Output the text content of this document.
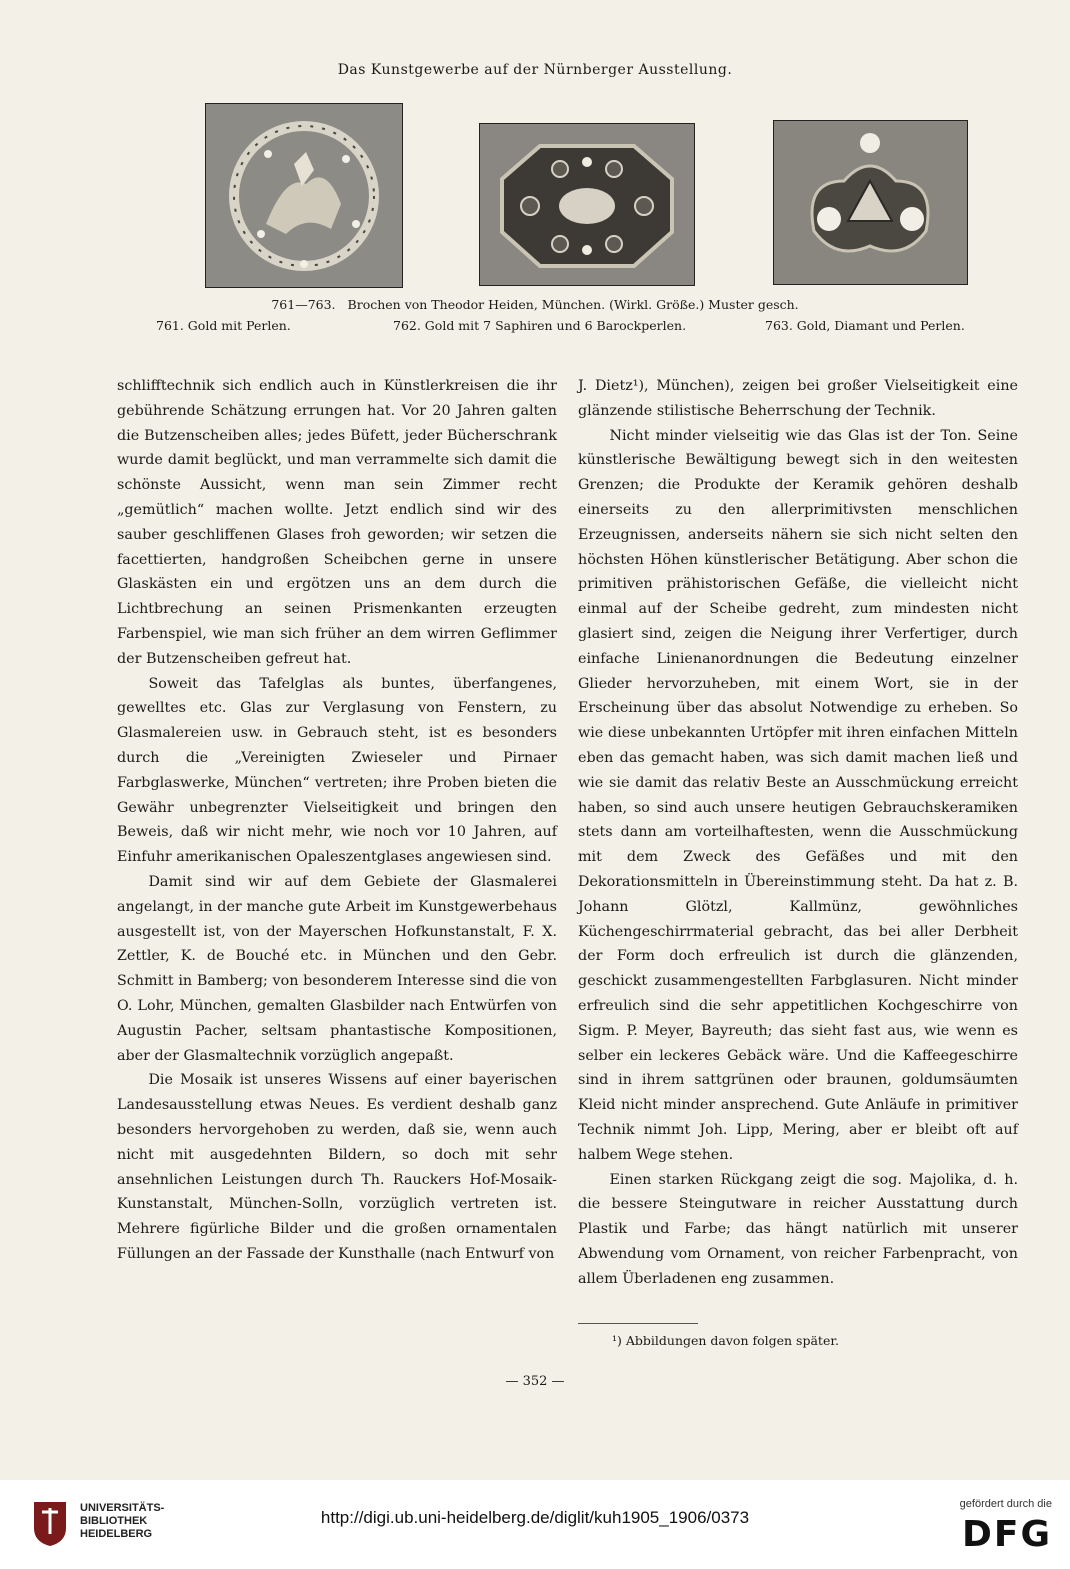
Das Kunstgewerbe auf der Nürnberger Ausstellung.
761—763. Brochen von Theodor Heiden, München. (Wirkl. Größe.) Muster gesch.
761. Gold mit Perlen.	762. Gold mit 7 Saphiren und 6 Barockperlen.	763. Gold, Diamant und Perlen.

schlifftechnik sich endlich auch in Künstlerkreisen die ihr gebührende Schätzung errungen hat. Vor 20 Jahren galten die Butzenscheiben alles; jedes Büfett, jeder Bücherschrank wurde damit beglückt, und man verrammelte sich damit die schönste Aussicht, wenn man sein Zimmer recht „gemütlich“ machen wollte. Jetzt endlich sind wir des sauber geschliffenen Glases froh geworden; wir setzen die facettierten, handgroßen Scheibchen gerne in unsere Glaskästen ein und ergötzen uns an dem durch die Lichtbrechung an seinen Prismenkanten erzeugten Farbenspiel, wie man sich früher an dem wirren Geflimmer der Butzenscheiben gefreut hat.

Soweit das Tafelglas als buntes, überfangenes, gewelltes etc. Glas zur Verglasung von Fenstern, zu Glasmalereien usw. in Gebrauch steht, ist es besonders durch die „Vereinigten Zwieseler und Pirnaer Farbglaswerke, München“ vertreten; ihre Proben bieten die Gewähr unbegrenzter Vielseitigkeit und bringen den Beweis, daß wir nicht mehr, wie noch vor 10 Jahren, auf Einfuhr amerikanischen Opaleszentglases angewiesen sind.

Damit sind wir auf dem Gebiete der Glasmalerei angelangt, in der manche gute Arbeit im Kunstgewerbehaus ausgestellt ist, von der Mayerschen Hofkunstanstalt, F. X. Zettler, K. de Bouché etc. in München und den Gebr. Schmitt in Bamberg; von besonderem Interesse sind die von O. Lohr, München, gemalten Glasbilder nach Entwürfen von Augustin Pacher, seltsam phantastische Kompositionen, aber der Glasmaltechnik vorzüglich angepaßt.

Die Mosaik ist unseres Wissens auf einer bayerischen Landesausstellung etwas Neues. Es verdient deshalb ganz besonders hervorgehoben zu werden, daß sie, wenn auch nicht mit ausgedehnten Bildern, so doch mit sehr ansehnlichen Leistungen durch Th. Rauckers Hof-Mosaik-Kunstanstalt, München-Solln, vorzüglich vertreten ist. Mehrere figürliche Bilder und die großen ornamentalen Füllungen an der Fassade der Kunsthalle (nach Entwurf von

J. Dietz¹), München), zeigen bei großer Vielseitigkeit eine glänzende stilistische Beherrschung der Technik.

Nicht minder vielseitig wie das Glas ist der Ton. Seine künstlerische Bewältigung bewegt sich in den weitesten Grenzen; die Produkte der Keramik gehören deshalb einerseits zu den allerprimitivsten menschlichen Erzeugnissen, anderseits nähern sie sich nicht selten den höchsten Höhen künstlerischer Betätigung. Aber schon die primitiven prähistorischen Gefäße, die vielleicht nicht einmal auf der Scheibe gedreht, zum mindesten nicht glasiert sind, zeigen die Neigung ihrer Verfertiger, durch einfache Linienanordnungen die Bedeutung einzelner Glieder hervorzuheben, mit einem Wort, sie in der Erscheinung über das absolut Notwendige zu erheben. So wie diese unbekannten Urtöpfer mit ihren einfachen Mitteln eben das gemacht haben, was sich damit machen ließ und wie sie damit das relativ Beste an Ausschmückung erreicht haben, so sind auch unsere heutigen Gebrauchskeramiken stets dann am vorteilhaftesten, wenn die Ausschmückung mit dem Zweck des Gefäßes und mit den Dekorationsmitteln in Übereinstimmung steht. Da hat z. B. Johann Glötzl, Kallmünz, gewöhnliches Küchengeschirrmaterial gebracht, das bei aller Derbheit der Form doch erfreulich ist durch die glänzenden, geschickt zusammengestellten Farbglasuren. Nicht minder erfreulich sind die sehr appetitlichen Kochgeschirre von Sigm. P. Meyer, Bayreuth; das sieht fast aus, wie wenn es selber ein leckeres Gebäck wäre. Und die Kaffeegeschirre sind in ihrem sattgrünen oder braunen, goldumsäumten Kleid nicht minder ansprechend. Gute Anläufe in primitiver Technik nimmt Joh. Lipp, Mering, aber er bleibt oft auf halbem Wege stehen.

Einen starken Rückgang zeigt die sog. Majolika, d. h. die bessere Steingutware in reicher Ausstattung durch Plastik und Farbe; das hängt natürlich mit unserer Abwendung vom Ornament, von reicher Farbenpracht, von allem Überladenen eng zusammen.

¹) Abbildungen davon folgen später.
— 352 —
UNIVERSITÄTS-
BIBLIOTHEK
HEIDELBERG
http://digi.ub.uni-heidelberg.de/diglit/kuh1905_1906/0373
gefördert durch die
DFG
